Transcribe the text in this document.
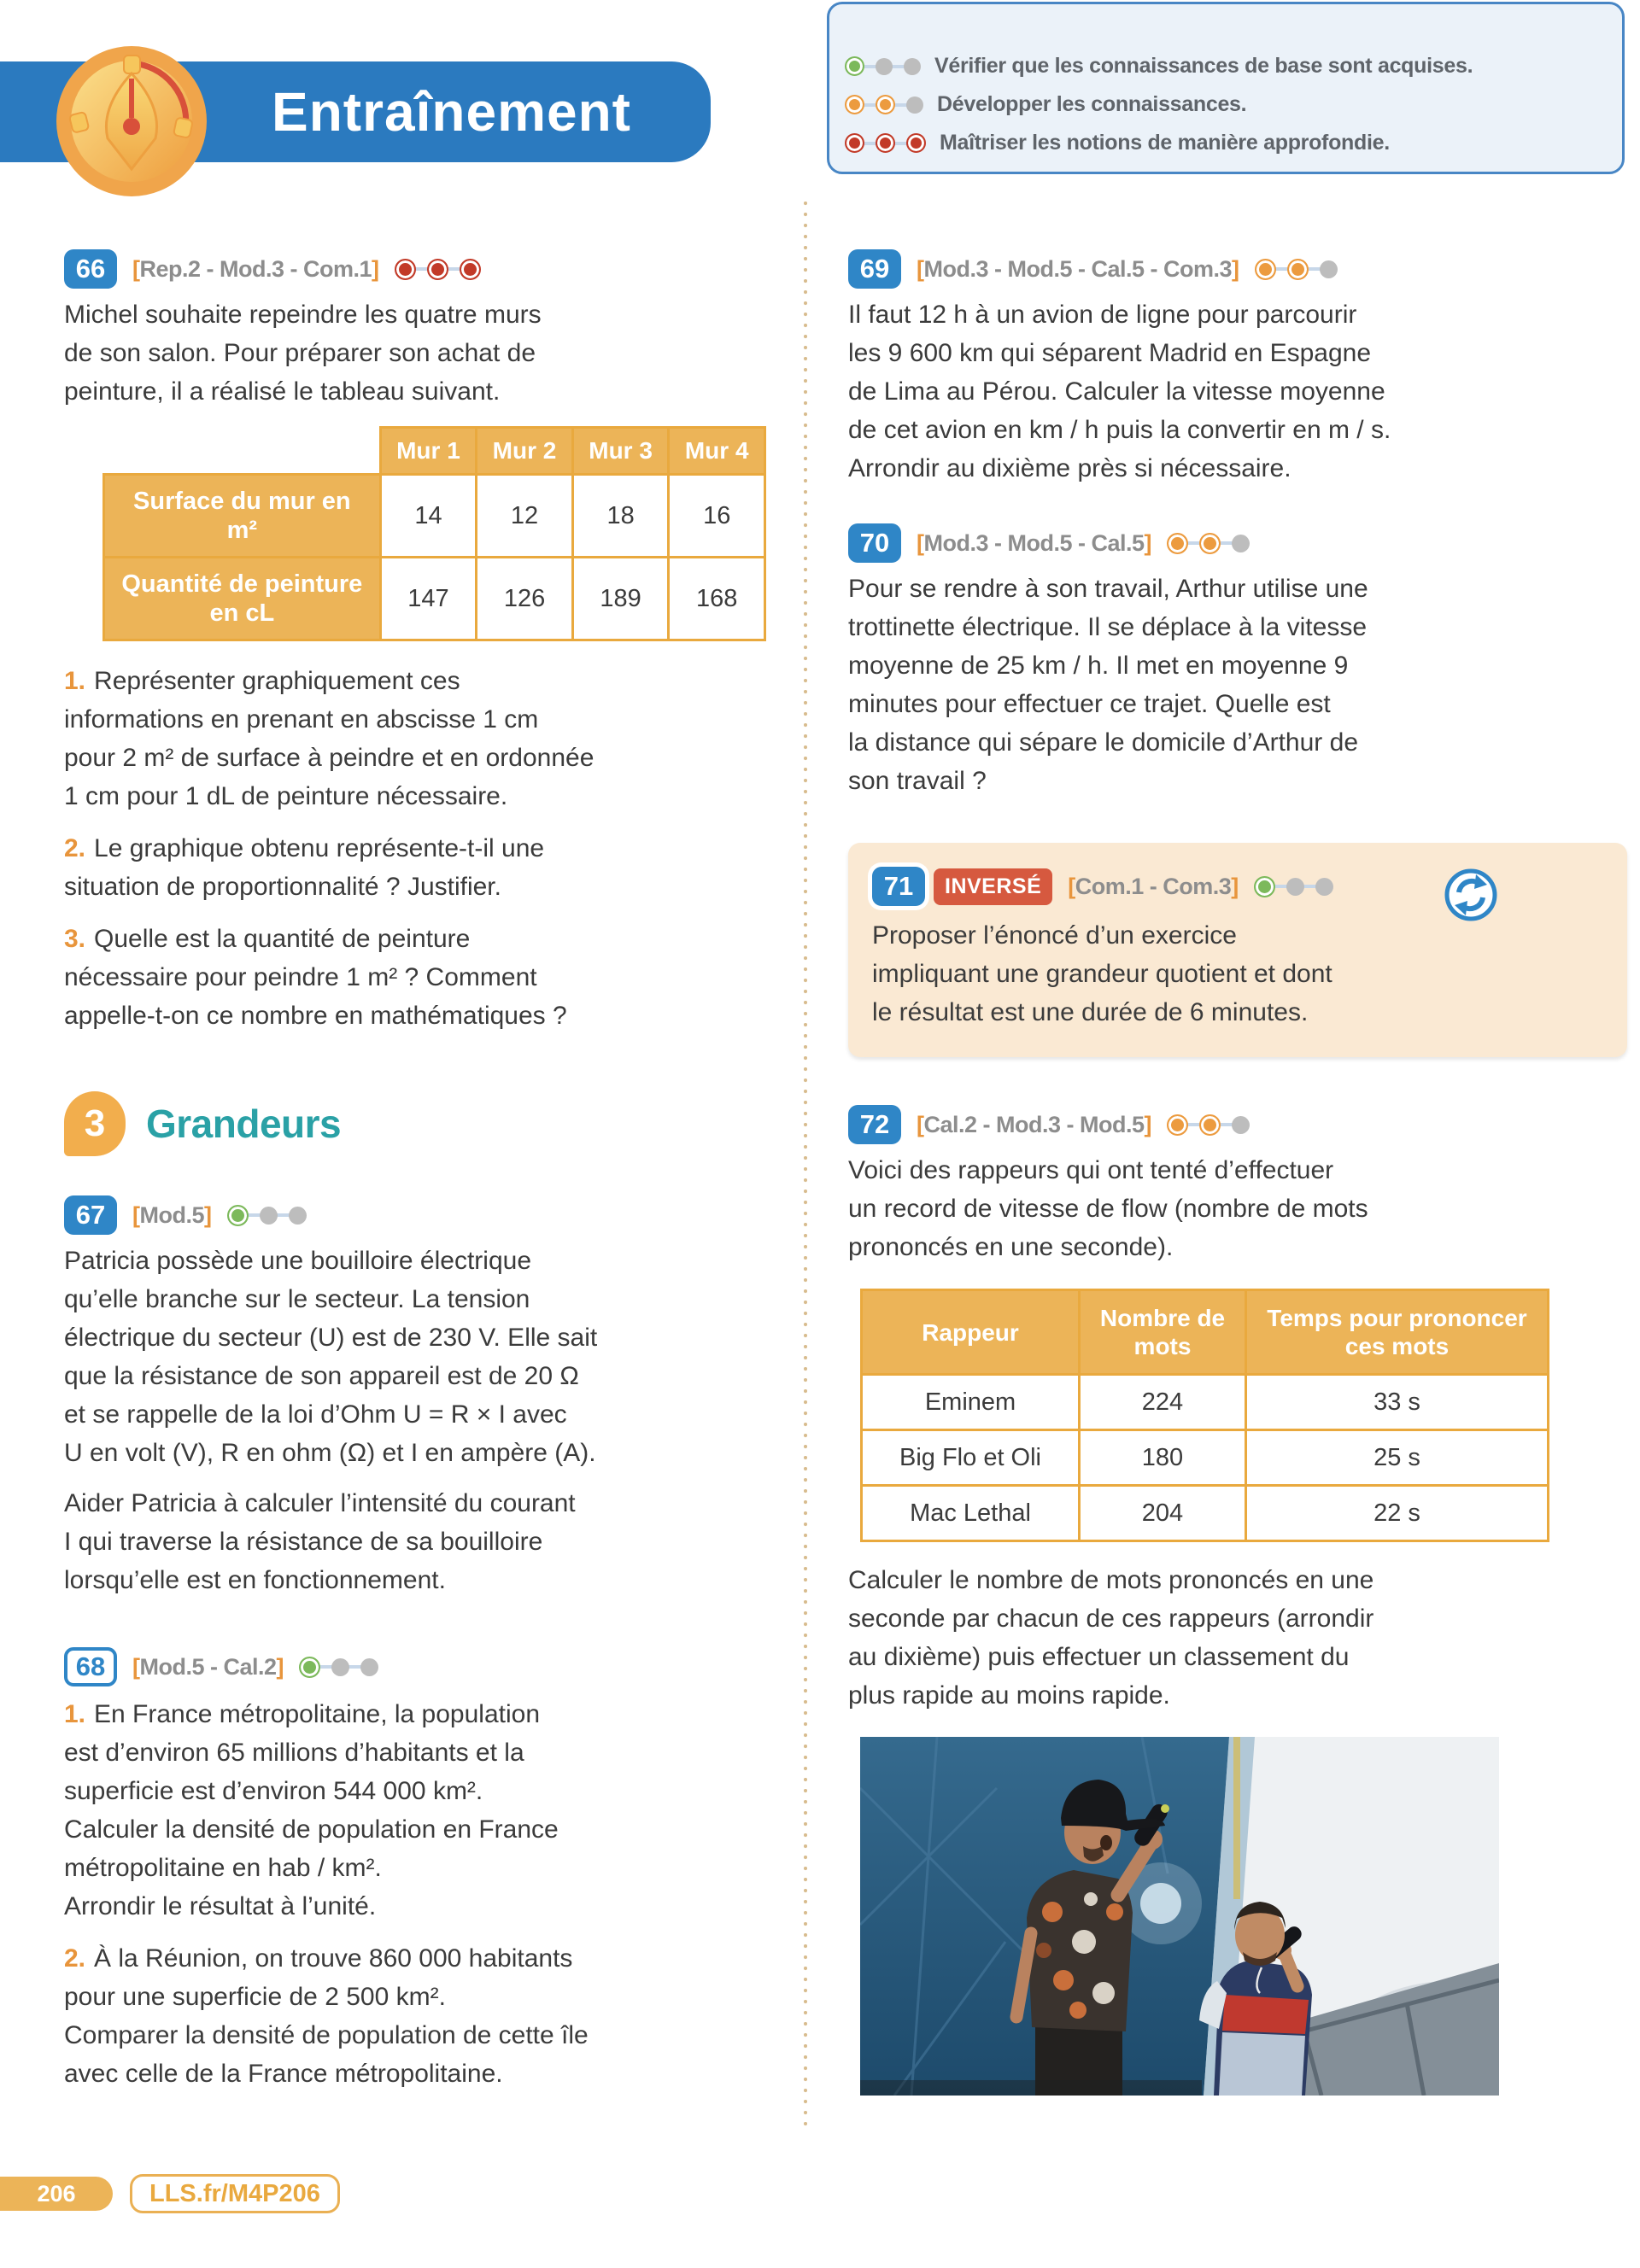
Entraînement
Vérifier que les connaissances de base sont acquises.
Développer les connaissances.
Maîtriser les notions de manière approfondie.
66	[Rep.2 - Mod.3 - Com.1]
Michel souhaite repeindre les quatre murs
de son salon. Pour préparer son achat de
peinture, il a réalisé le tableau suivant.
	Mur 1	Mur 2	Mur 3	Mur 4
Surface du mur en m²	14	12	18	16
Quantité de peinture en cL	147	126	189	168
1. Représenter graphiquement ces
informations en prenant en abscisse 1 cm
pour 2 m² de surface à peindre et en ordonnée
1 cm pour 1 dL de peinture nécessaire.
2. Le graphique obtenu représente-t-il une
situation de proportionnalité ? Justifier.
3. Quelle est la quantité de peinture
nécessaire pour peindre 1 m² ? Comment
appelle-t-on ce nombre en mathématiques ?
3	Grandeurs
67	[Mod.5]
Patricia possède une bouilloire électrique
qu’elle branche sur le secteur. La tension
électrique du secteur (U) est de 230 V. Elle sait
que la résistance de son appareil est de 20 Ω
et se rappelle de la loi d’Ohm U = R × I avec
U en volt (V), R en ohm (Ω) et I en ampère (A).
Aider Patricia à calculer l’intensité du courant
I qui traverse la résistance de sa bouilloire
lorsqu’elle est en fonctionnement.
68	[Mod.5 - Cal.2]
1. En France métropolitaine, la population
est d’environ 65 millions d’habitants et la
superficie est d’environ 544 000 km².
Calculer la densité de population en France
métropolitaine en hab / km².
Arrondir le résultat à l’unité.
2. À la Réunion, on trouve 860 000 habitants
pour une superficie de 2 500 km².
Comparer la densité de population de cette île
avec celle de la France métropolitaine.
69	[Mod.3 - Mod.5 - Cal.5 - Com.3]
Il faut 12 h à un avion de ligne pour parcourir
les 9 600 km qui séparent Madrid en Espagne
de Lima au Pérou. Calculer la vitesse moyenne
de cet avion en km / h puis la convertir en m / s.
Arrondir au dixième près si nécessaire.
70	[Mod.3 - Mod.5 - Cal.5]
Pour se rendre à son travail, Arthur utilise une
trottinette électrique. Il se déplace à la vitesse
moyenne de 25 km / h. Il met en moyenne 9
minutes pour effectuer ce trajet. Quelle est
la distance qui sépare le domicile d’Arthur de
son travail ?
71	INVERSÉ	[Com.1 - Com.3]
Proposer l’énoncé d’un exercice
impliquant une grandeur quotient et dont
le résultat est une durée de 6 minutes.
72	[Cal.2 - Mod.3 - Mod.5]
Voici des rappeurs qui ont tenté d’effectuer
un record de vitesse de flow (nombre de mots
prononcés en une seconde).
Rappeur	Nombre de mots	Temps pour prononcer ces mots
Eminem	224	33 s
Big Flo et Oli	180	25 s
Mac Lethal	204	22 s
Calculer le nombre de mots prononcés en une
seconde par chacun de ces rappeurs (arrondir
au dixième) puis effectuer un classement du
plus rapide au moins rapide.
206	LLS.fr/M4P206
